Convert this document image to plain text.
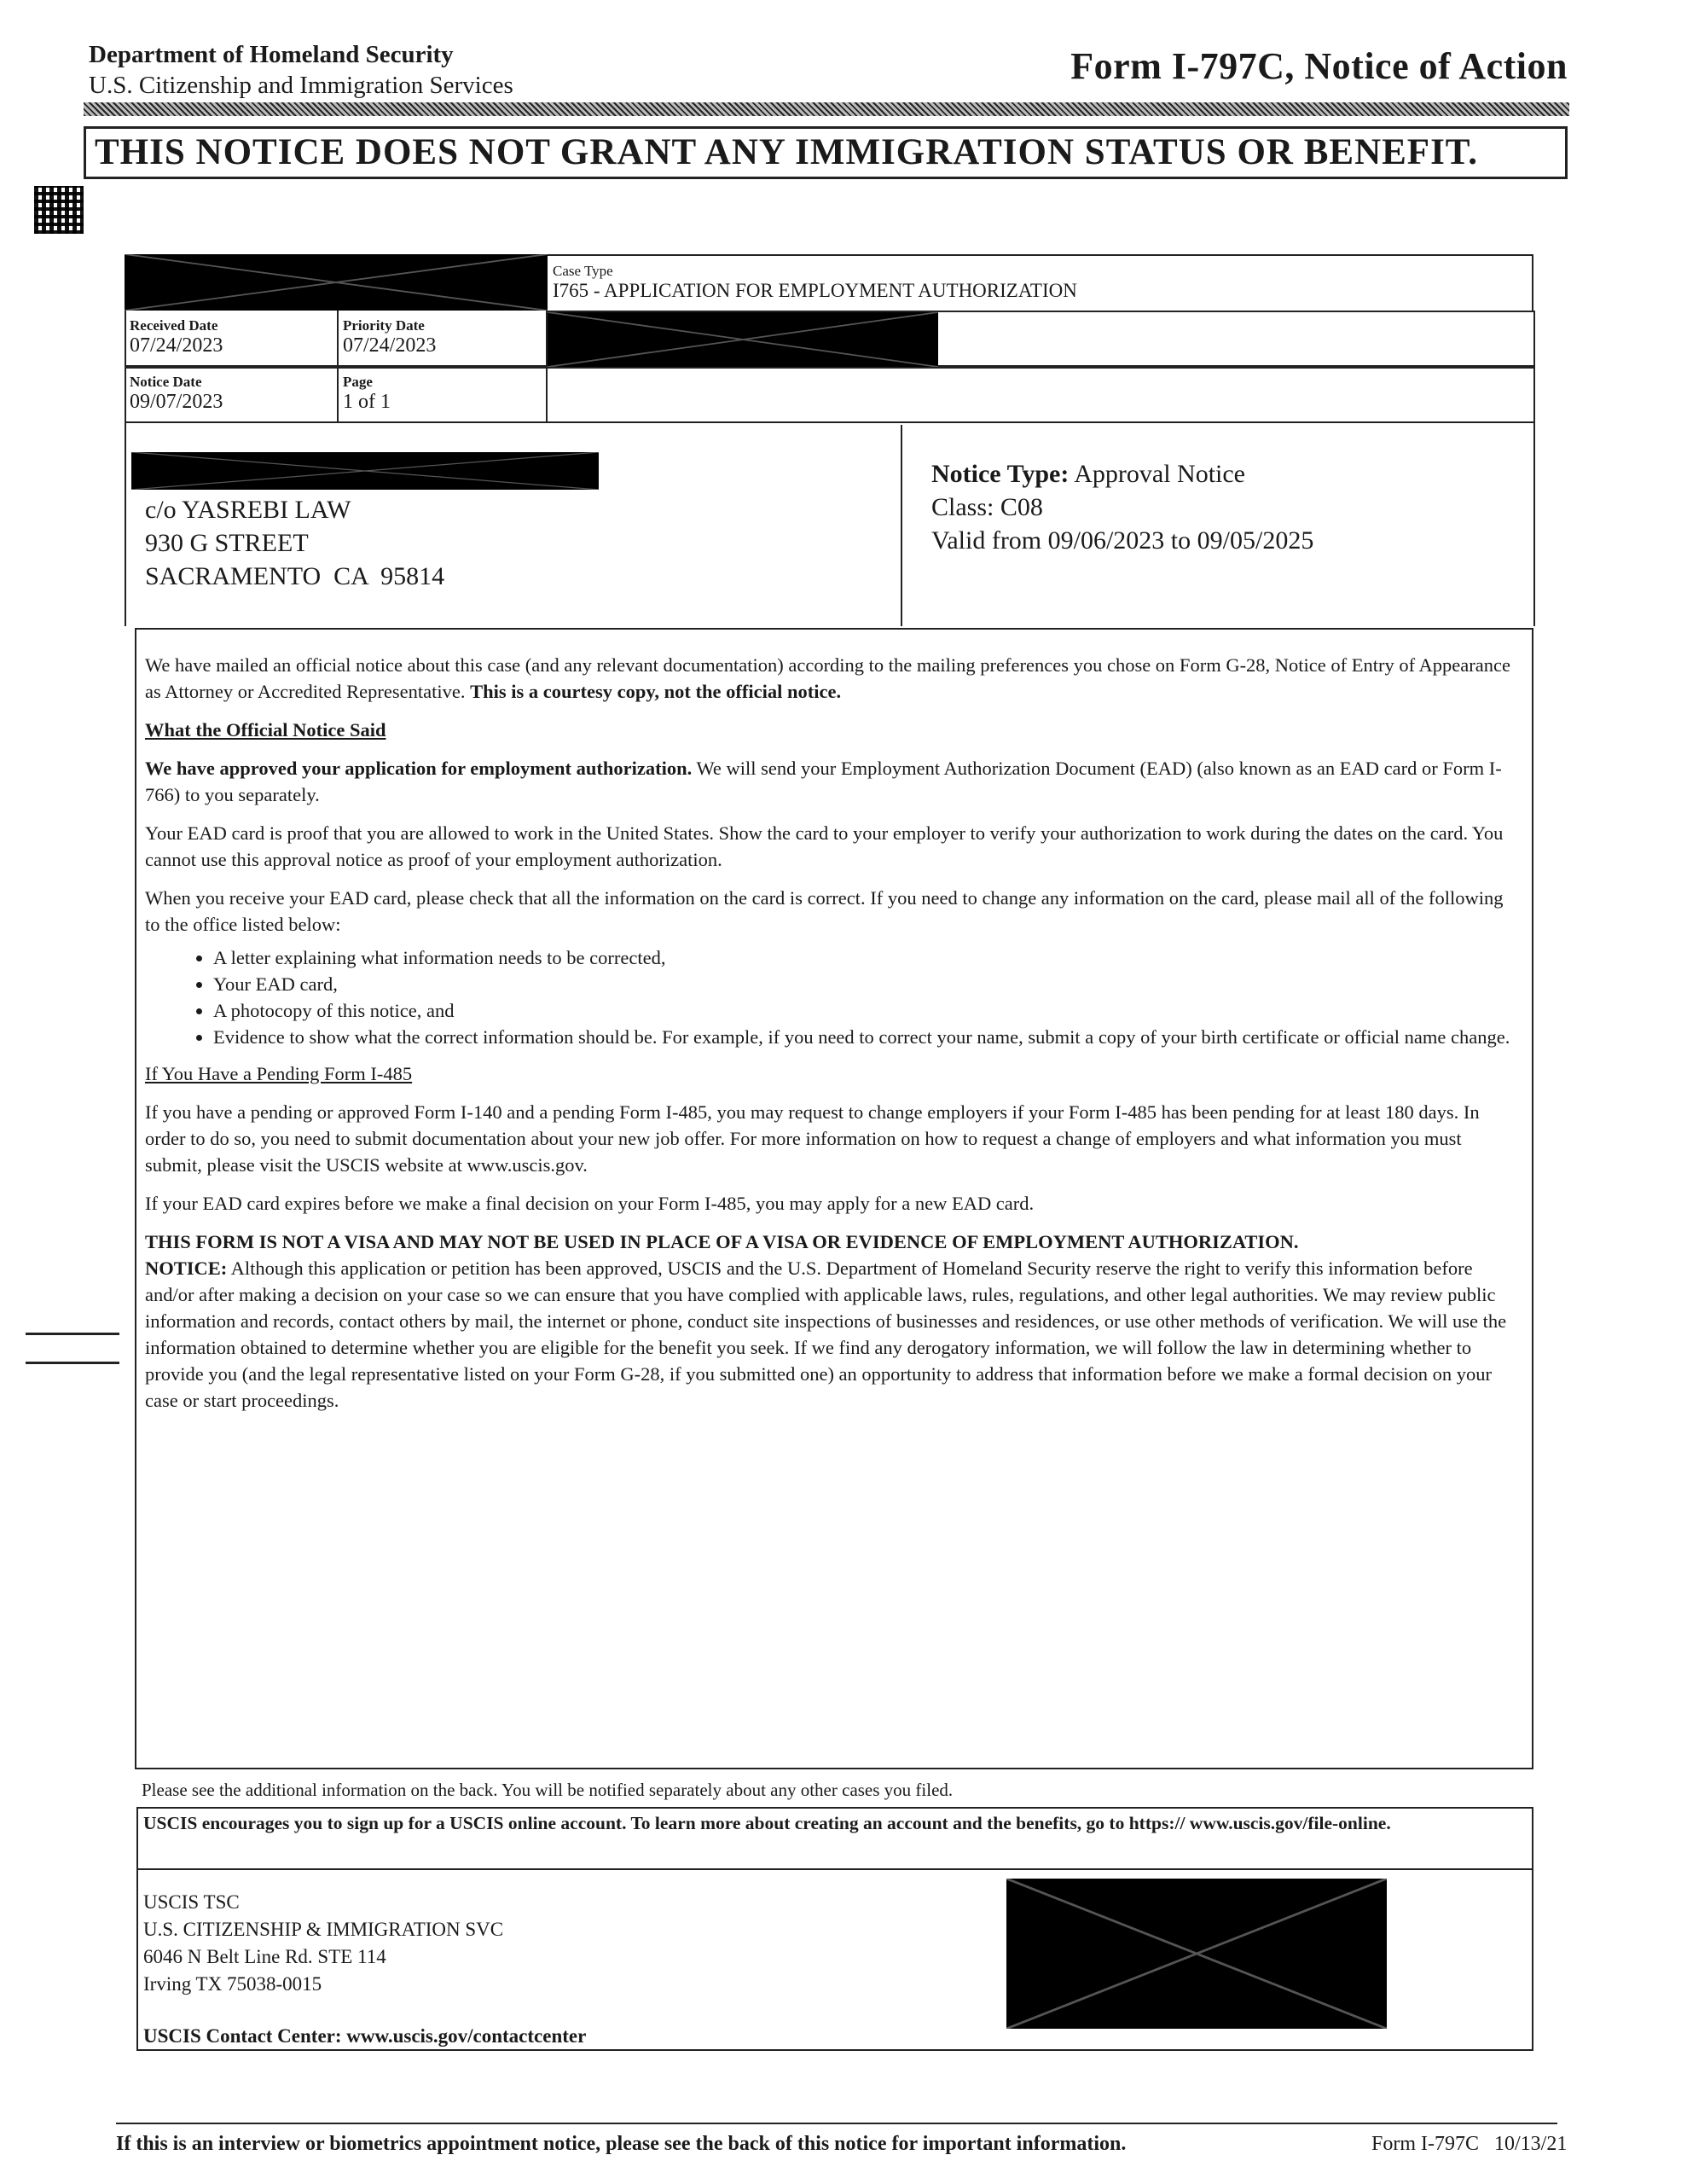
Department of Homeland Security
U.S. Citizenship and Immigration Services	Form I-797C, Notice of Action
THIS NOTICE DOES NOT GRANT ANY IMMIGRATION STATUS OR BENEFIT.
Case Type
I765 - APPLICATION FOR EMPLOYMENT AUTHORIZATION
Received Date
07/24/2023
Priority Date
07/24/2023
Notice Date
09/07/2023
Page
1 of 1
c/o YASREBI LAW
930 G STREET
SACRAMENTO  CA  95814
Notice Type: Approval Notice
Class: C08
Valid from 09/06/2023 to 09/05/2025

We have mailed an official notice about this case (and any relevant documentation) according to the mailing preferences you chose on Form G-28, Notice of Entry of Appearance as Attorney or Accredited Representative. This is a courtesy copy, not the official notice.

What the Official Notice Said

We have approved your application for employment authorization. We will send your Employment Authorization Document (EAD) (also known as an EAD card or Form I-766) to you separately.

Your EAD card is proof that you are allowed to work in the United States. Show the card to your employer to verify your authorization to work during the dates on the card. You cannot use this approval notice as proof of your employment authorization.

When you receive your EAD card, please check that all the information on the card is correct. If you need to change any information on the card, please mail all of the following to the office listed below:

• A letter explaining what information needs to be corrected,
• Your EAD card,
• A photocopy of this notice, and
• Evidence to show what the correct information should be. For example, if you need to correct your name, submit a copy of your birth certificate or official name change.

If You Have a Pending Form I-485

If you have a pending or approved Form I-140 and a pending Form I-485, you may request to change employers if your Form I-485 has been pending for at least 180 days. In order to do so, you need to submit documentation about your new job offer. For more information on how to request a change of employers and what information you must submit, please visit the USCIS website at www.uscis.gov.

If your EAD card expires before we make a final decision on your Form I-485, you may apply for a new EAD card.

THIS FORM IS NOT A VISA AND MAY NOT BE USED IN PLACE OF A VISA OR EVIDENCE OF EMPLOYMENT AUTHORIZATION.

NOTICE: Although this application or petition has been approved, USCIS and the U.S. Department of Homeland Security reserve the right to verify this information before and/or after making a decision on your case so we can ensure that you have complied with applicable laws, rules, regulations, and other legal authorities. We may review public information and records, contact others by mail, the internet or phone, conduct site inspections of businesses and residences, or use other methods of verification. We will use the information obtained to determine whether you are eligible for the benefit you seek. If we find any derogatory information, we will follow the law in determining whether to provide you (and the legal representative listed on your Form G-28, if you submitted one) an opportunity to address that information before we make a formal decision on your case or start proceedings.

Please see the additional information on the back. You will be notified separately about any other cases you filed.
USCIS encourages you to sign up for a USCIS online account. To learn more about creating an account and the benefits, go to https:// www.uscis.gov/file-online.
USCIS TSC
U.S. CITIZENSHIP & IMMIGRATION SVC
6046 N Belt Line Rd. STE 114
Irving TX 75038-0015
USCIS Contact Center: www.uscis.gov/contactcenter
If this is an interview or biometrics appointment notice, please see the back of this notice for important information.	Form I-797C   10/13/21
